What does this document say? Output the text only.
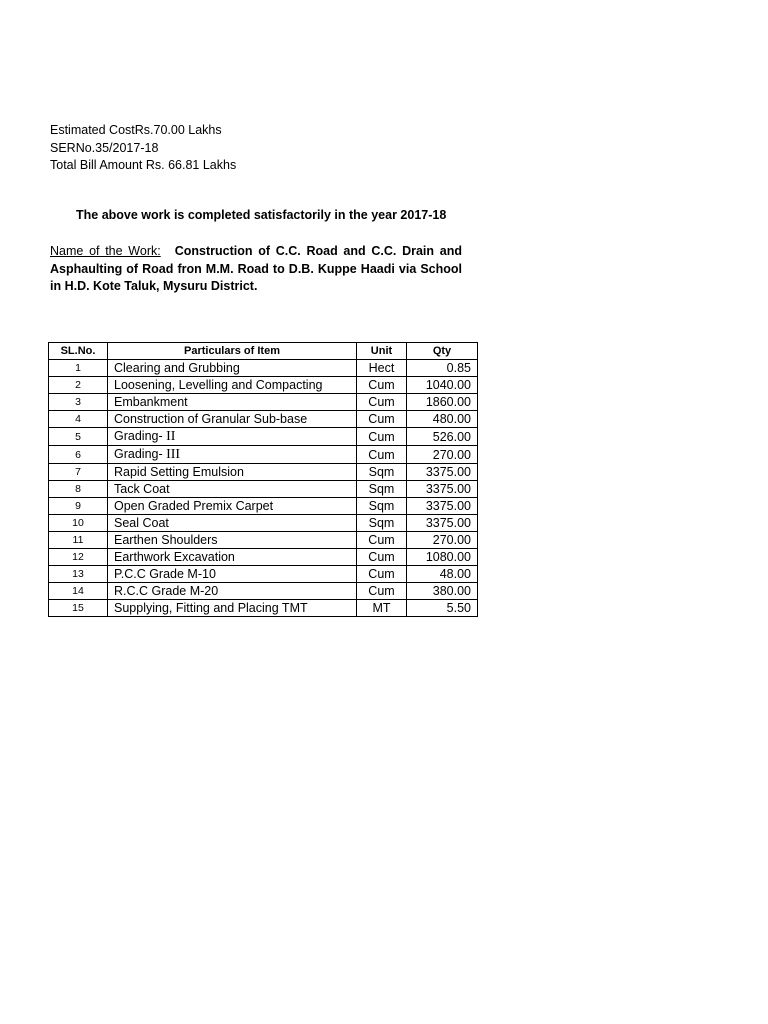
Estimated CostRs.70.00 Lakhs
SERNo.35/2017-18
Total Bill Amount Rs. 66.81 Lakhs
The above work is completed satisfactorily in the year 2017-18
Name of the Work: Construction of C.C. Road and C.C. Drain and Asphaulting of Road fron M.M. Road to D.B. Kuppe Haadi via School in H.D. Kote Taluk, Mysuru District.
SL.No.	Particulars of Item	Unit	Qty
1	Clearing and Grubbing	Hect	0.85
2	Loosening, Levelling and Compacting	Cum	1040.00
3	Embankment	Cum	1860.00
4	Construction of Granular Sub-base	Cum	480.00
5	Grading- II	Cum	526.00
6	Grading- III	Cum	270.00
7	Rapid Setting Emulsion	Sqm	3375.00
8	Tack Coat	Sqm	3375.00
9	Open Graded Premix Carpet	Sqm	3375.00
10	Seal Coat	Sqm	3375.00
11	Earthen Shoulders	Cum	270.00
12	Earthwork Excavation	Cum	1080.00
13	P.C.C Grade M-10	Cum	48.00
14	R.C.C Grade M-20	Cum	380.00
15	Supplying, Fitting and Placing TMT	MT	5.50
